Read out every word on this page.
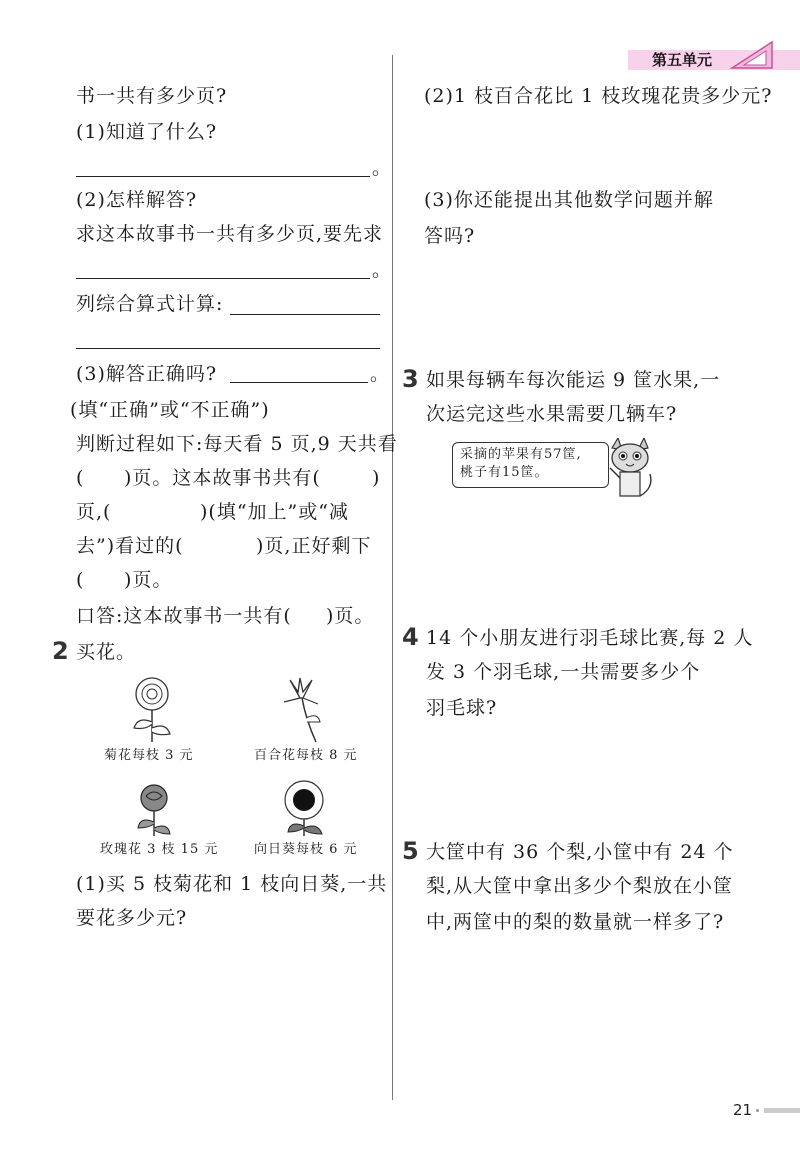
第五单元
书一共有多少页?
(1)知道了什么?
。
(2)怎样解答?
求这本故事书一共有多少页,要先求
。
列综合算式计算:
(3)解答正确吗?	。
(填“正确”或“不正确”)
判断过程如下:每天看 5 页,9 天共看
( )页。这本故事书共有(	)
页,(	)(填“加上”或“减
去”)看过的(	)页,正好剩下
( )页。
口答:这本故事书一共有( )页。
2 买花。
菊花每枝 3 元	百合花每枝 8 元
玫瑰花 3 枝 15 元	向日葵每枝 6 元
(1)买 5 枝菊花和 1 枝向日葵,一共
要花多少元?
(2)1 枝百合花比 1 枝玫瑰花贵多少元?
(3)你还能提出其他数学问题并解
答吗?
3 如果每辆车每次能运 9 筐水果,一
次运完这些水果需要几辆车?
采摘的苹果有57筐,
桃子有15筐。
4 14 个小朋友进行羽毛球比赛,每 2 人
发 3 个羽毛球,一共需要多少个
羽毛球?
5 大筐中有 36 个梨,小筐中有 24 个
梨,从大筐中拿出多少个梨放在小筐
中,两筐中的梨的数量就一样多了?
21
